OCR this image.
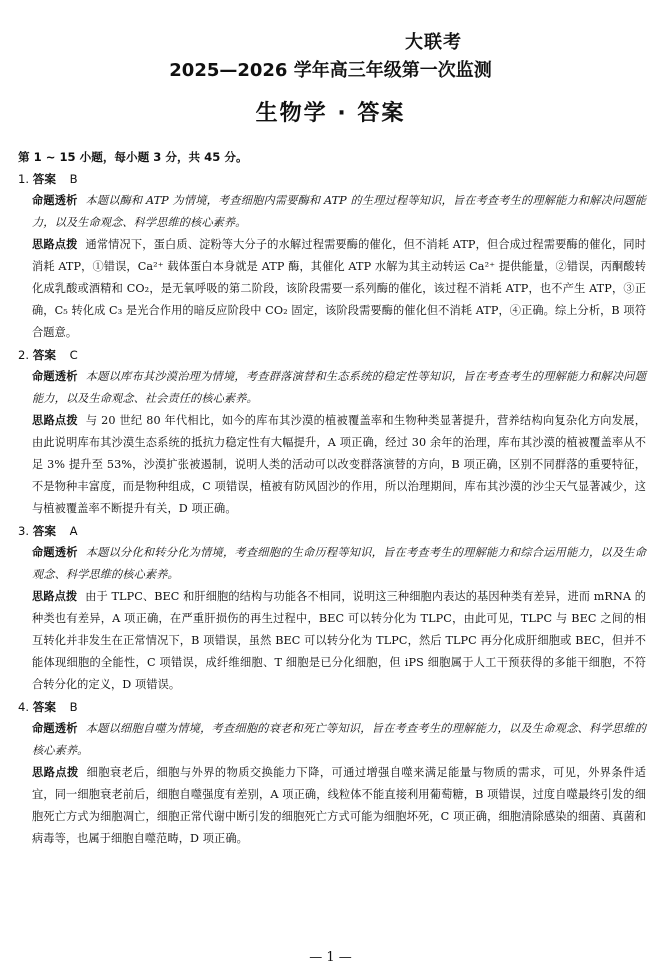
大联考
2025—2026 学年高三年级第一次监测
生物学 · 答案
第 1 ~ 15 小题，每小题 3 分，共 45 分。
1. 答案 B
命题透析 本题以酶和 ATP 为情境，考查细胞内需要酶和 ATP 的生理过程等知识，旨在考查考生的理解能力和解决问题能力，以及生命观念、科学思维的核心素养。
思路点拨 通常情况下，蛋白质、淀粉等大分子的水解过程需要酶的催化，但不消耗 ATP，但合成过程需要酶的催化，同时消耗 ATP，①错误，Ca²⁺ 载体蛋白本身就是 ATP 酶，其催化 ATP 水解为其主动转运 Ca²⁺ 提供能量，②错误，丙酮酸转化成乳酸或酒精和 CO₂，是无氧呼吸的第二阶段，该阶段需要一系列酶的催化，该过程不消耗 ATP，也不产生 ATP，③正确，C₅ 转化成 C₃ 是光合作用的暗反应阶段中 CO₂ 固定，该阶段需要酶的催化但不消耗 ATP，④正确。综上分析，B 项符合题意。
2. 答案 C
命题透析 本题以库布其沙漠治理为情境，考查群落演替和生态系统的稳定性等知识，旨在考查考生的理解能力和解决问题能力，以及生命观念、社会责任的核心素养。
思路点拨 与 20 世纪 80 年代相比，如今的库布其沙漠的植被覆盖率和生物种类显著提升，营养结构向复杂化方向发展，由此说明库布其沙漠生态系统的抵抗力稳定性有大幅提升，A 项正确，经过 30 余年的治理，库布其沙漠的植被覆盖率从不足 3% 提升至 53%，沙漠扩张被遏制，说明人类的活动可以改变群落演替的方向，B 项正确，区别不同群落的重要特征，不是物种丰富度，而是物种组成，C 项错误，植被有防风固沙的作用，所以治理期间，库布其沙漠的沙尘天气显著减少，这与植被覆盖率不断提升有关，D 项正确。
3. 答案 A
命题透析 本题以分化和转分化为情境，考查细胞的生命历程等知识，旨在考查考生的理解能力和综合运用能力，以及生命观念、科学思维的核心素养。
思路点拨 由于 TLPC、BEC 和肝细胞的结构与功能各不相同，说明这三种细胞内表达的基因种类有差异，进而 mRNA 的种类也有差异，A 项正确，在严重肝损伤的再生过程中，BEC 可以转分化为 TLPC，由此可见，TLPC 与 BEC 之间的相互转化并非发生在正常情况下，B 项错误，虽然 BEC 可以转分化为 TLPC，然后 TLPC 再分化成肝细胞或 BEC，但并不能体现细胞的全能性，C 项错误，成纤维细胞、T 细胞是已分化细胞，但 iPS 细胞属于人工干预获得的多能干细胞，不符合转分化的定义，D 项错误。
4. 答案 B
命题透析 本题以细胞自噬为情境，考查细胞的衰老和死亡等知识，旨在考查考生的理解能力，以及生命观念、科学思维的核心素养。
思路点拨 细胞衰老后，细胞与外界的物质交换能力下降，可通过增强自噬来满足能量与物质的需求，可见，外界条件适宜，同一细胞衰老前后，细胞自噬强度有差别，A 项正确，线粒体不能直接利用葡萄糖，B 项错误，过度自噬最终引发的细胞死亡方式为细胞凋亡，细胞正常代谢中断引发的细胞死亡方式可能为细胞坏死，C 项正确，细胞清除感染的细菌、真菌和病毒等，也属于细胞自噬范畴，D 项正确。
— 1 —
